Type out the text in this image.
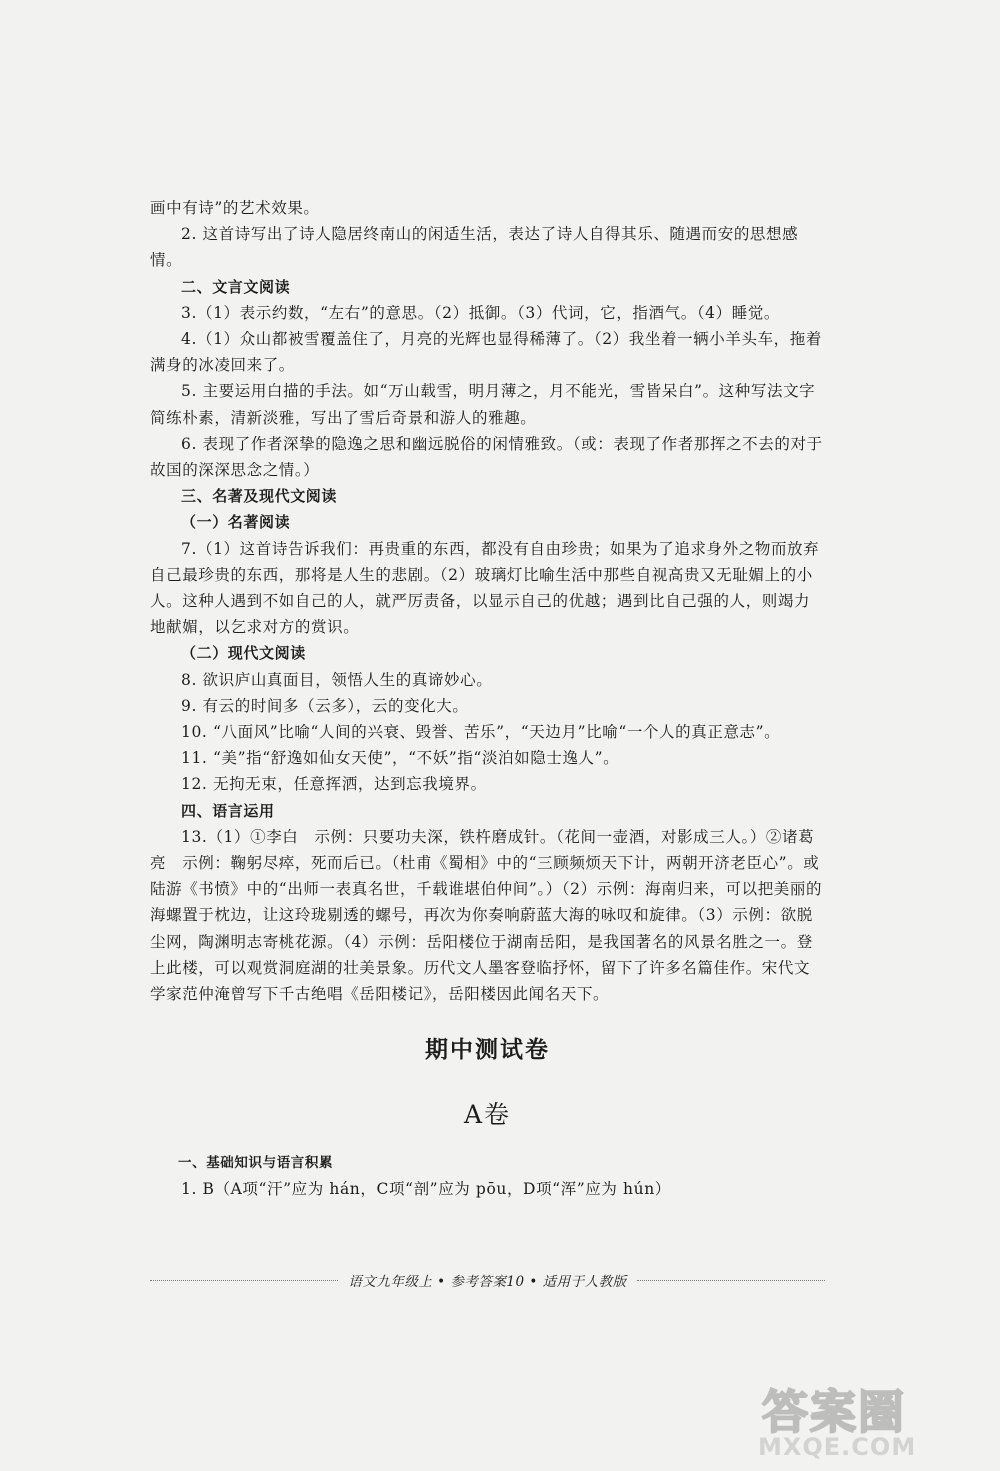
画中有诗”的艺术效果。

2. 这首诗写出了诗人隐居终南山的闲适生活，表达了诗人自得其乐、随遇而安的思想感情。

二、文言文阅读

3.（1）表示约数，“左右”的意思。（2）抵御。（3）代词，它，指酒气。（4）睡觉。

4.（1）众山都被雪覆盖住了，月亮的光辉也显得稀薄了。（2）我坐着一辆小羊头车，拖着满身的冰凌回来了。

5. 主要运用白描的手法。如“万山载雪，明月薄之，月不能光，雪皆呆白”。这种写法文字简练朴素，清新淡雅，写出了雪后奇景和游人的雅趣。

6. 表现了作者深挚的隐逸之思和幽远脱俗的闲情雅致。（或：表现了作者那挥之不去的对于故国的深深思念之情。）

三、名著及现代文阅读

（一）名著阅读

7.（1）这首诗告诉我们：再贵重的东西，都没有自由珍贵；如果为了追求身外之物而放弃自己最珍贵的东西，那将是人生的悲剧。（2）玻璃灯比喻生活中那些自视高贵又无耻媚上的小人。这种人遇到不如自己的人，就严厉责备，以显示自己的优越；遇到比自己强的人，则竭力地献媚，以乞求对方的赏识。

（二）现代文阅读

8. 欲识庐山真面目，领悟人生的真谛妙心。

9. 有云的时间多（云多），云的变化大。

10. “八面风”比喻“人间的兴衰、毁誉、苦乐”，“天边月”比喻“一个人的真正意志”。

11. “美”指“舒逸如仙女天使”，“不妖”指“淡泊如隐士逸人”。

12. 无拘无束，任意挥洒，达到忘我境界。

四、语言运用

13.（1）①李白　示例：只要功夫深，铁杵磨成针。（花间一壶酒，对影成三人。）②诸葛亮　示例：鞠躬尽瘁，死而后已。（杜甫《蜀相》中的“三顾频烦天下计，两朝开济老臣心”。或陆游《书愤》中的“出师一表真名世，千载谁堪伯仲间”。）（2）示例：海南归来，可以把美丽的海螺置于枕边，让这玲珑剔透的螺号，再次为你奏响蔚蓝大海的咏叹和旋律。（3）示例：欲脱尘网，陶渊明志寄桃花源。（4）示例：岳阳楼位于湖南岳阳，是我国著名的风景名胜之一。登上此楼，可以观赏洞庭湖的壮美景象。历代文人墨客登临抒怀，留下了许多名篇佳作。宋代文学家范仲淹曾写下千古绝唱《岳阳楼记》，岳阳楼因此闻名天下。

期中测试卷
A卷

一、基础知识与语言积累

1. B（A项“汗”应为 hán，C项“剖”应为 pōu，D项“浑”应为 hún）

语文九年级上 • 参考答案10 • 适用于人教版
答案圈
MXQE.COM
